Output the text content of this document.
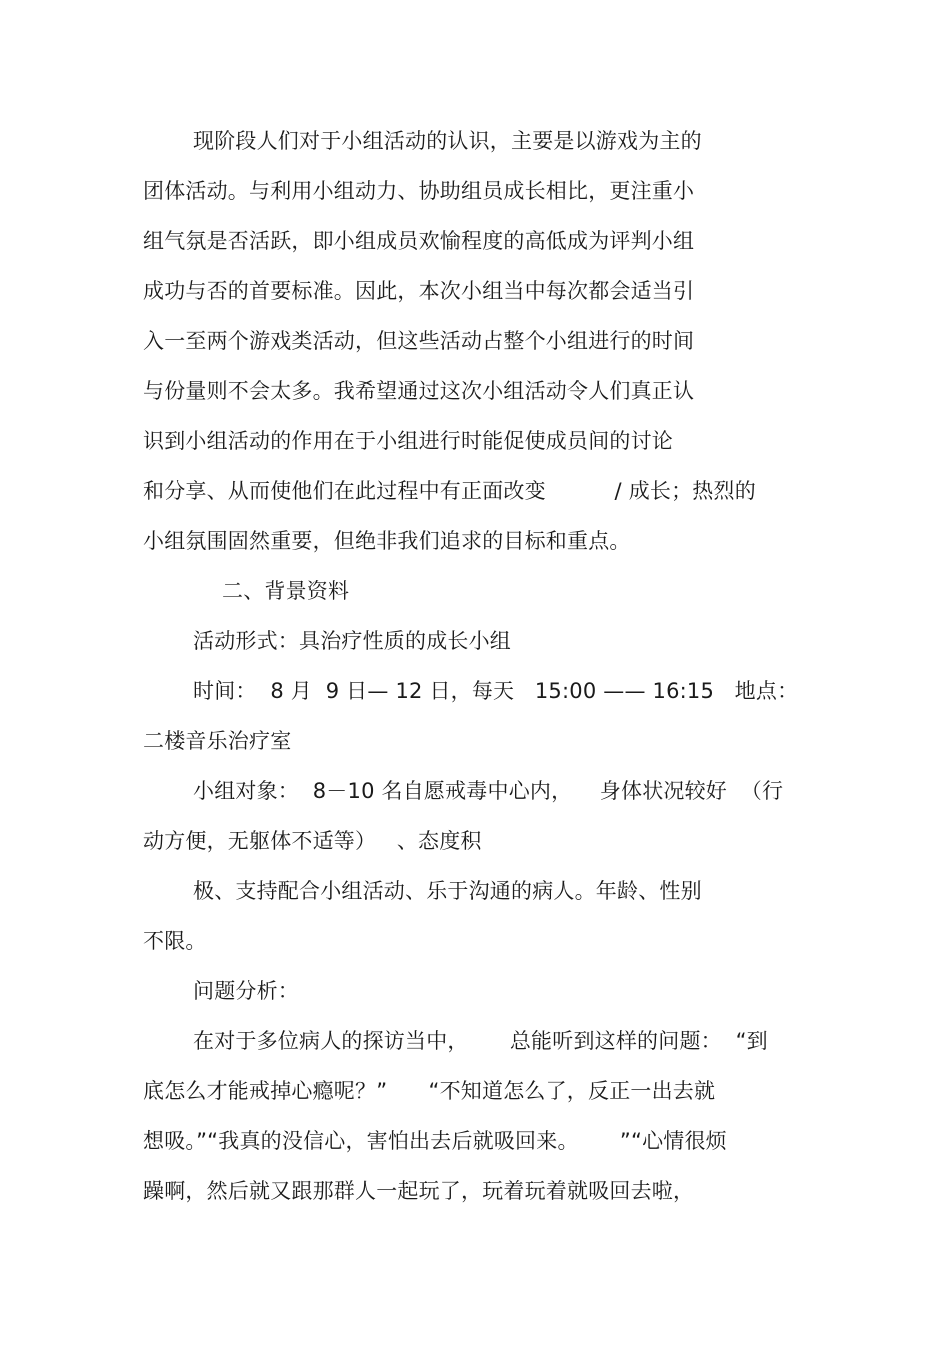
现阶段人们对于小组活动的认识，主要是以游戏为主的
团体活动。与利用小组动力、协助组员成长相比，更注重小
组气氛是否活跃，即小组成员欢愉程度的高低成为评判小组
成功与否的首要标准。因此，本次小组当中每次都会适当引
入一至两个游戏类活动，但这些活动占整个小组进行的时间
与份量则不会太多。我希望通过这次小组活动令人们真正认
识到小组活动的作用在于小组进行时能促使成员间的讨论
和分享、从而使他们在此过程中有正面改变          / 成长；热烈的
小组氛围固然重要，但绝非我们追求的目标和重点。
二、背景资料
活动形式：具治疗性质的成长小组
时间：  8 月  9 日— 12 日，每天   15:00 —— 16:15   地点：
二楼音乐治疗室
小组对象：  8－10 名自愿戒毒中心内，    身体状况较好  （行
动方便，无躯体不适等）   、态度积
极、支持配合小组活动、乐于沟通的病人。年龄、性别
不限。
问题分析：
在对于多位病人的探访当中，      总能听到这样的问题：  “到
底怎么才能戒掉心瘾呢？”      “不知道怎么了，反正一出去就
想吸。”“我真的没信心，害怕出去后就吸回来。      ”“心情很烦
躁啊，然后就又跟那群人一起玩了，玩着玩着就吸回去啦，
